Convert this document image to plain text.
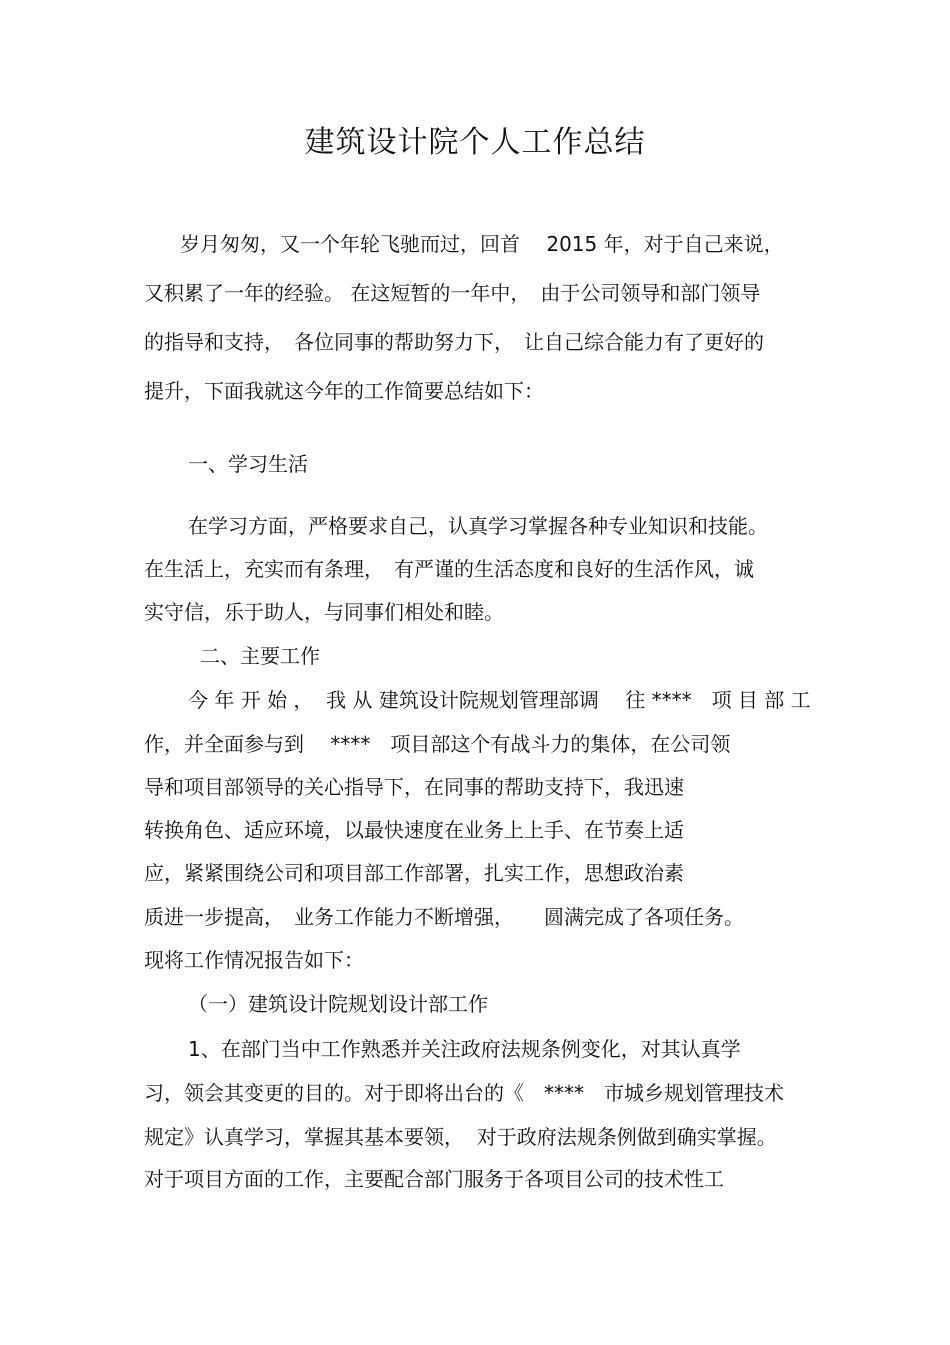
建筑设计院个人工作总结
岁月匆匆，又一个年轮飞驰而过，回首　 2015 年，对于自己来说，
又积累了一年的经验。 在这短暂的一年中，　由于公司领导和部门领导
的指导和支持，　各位同事的帮助努力下，　让自己综合能力有了更好的
提升，下面我就这今年的工作简要总结如下：
一、学习生活
在学习方面，严格要求自己，认真学习掌握各种专业知识和技能。
在生活上，充实而有条理，　有严谨的生活态度和良好的生活作风，诚
实守信，乐于助人，与同事们相处和睦。
二、主要工作
今 年 开 始 ，  我 从 建筑设计院规划管理部调　 往 ****　项 目 部 工
作，并全面参与到　 ****　项目部这个有战斗力的集体，在公司领
导和项目部领导的关心指导下，在同事的帮助支持下，我迅速
转换角色、适应环境，以最快速度在业务上上手、在节奏上适
应，紧紧围绕公司和项目部工作部署，扎实工作，思想政治素
质进一步提高，　业务工作能力不断增强，　　圆满完成了各项任务。
现将工作情况报告如下：
（一）建筑设计院规划设计部工作
1、在部门当中工作熟悉并关注政府法规条例变化，对其认真学
习，领会其变更的目的。对于即将出台的《　****　市城乡规划管理技术
规定》认真学习，掌握其基本要领，  对于政府法规条例做到确实掌握。
对于项目方面的工作，主要配合部门服务于各项目公司的技术性工
